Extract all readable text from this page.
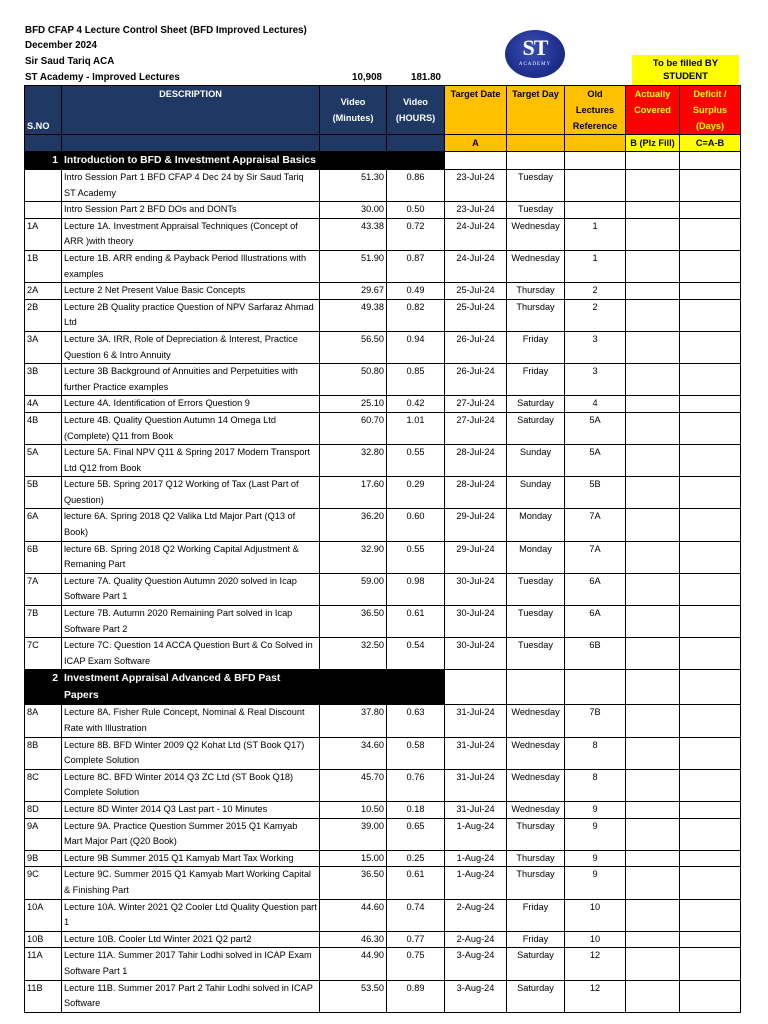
BFD CFAP 4 Lecture Control Sheet (BFD Improved Lectures)
December 2024
Sir Saud Tariq ACA
ST Academy - Improved Lectures	10,908	181.80
ST
ACADEMY	To be filled BY STUDENT
S.NO	DESCRIPTION	Video (Minutes)	Video (HOURS)	Target Date	Target Day	Old Lectures Reference	Actually Covered	Deficit / Surplus (Days)
				A			B (Plz Fill)	C=A-B
1	Introduction to BFD & Investment Appraisal Basics							
	Intro Session Part 1 BFD CFAP 4 Dec 24 by Sir Saud Tariq ST Academy	51.30	0.86	23-Jul-24	Tuesday			
	Intro Session Part 2 BFD DOs and DONTs	30.00	0.50	23-Jul-24	Tuesday			
1A	Lecture 1A. Investment Appraisal Techniques (Concept of ARR )with theory	43.38	0.72	24-Jul-24	Wednesday	1		
1B	Lecture 1B. ARR ending & Payback Period Illustrations with examples	51.90	0.87	24-Jul-24	Wednesday	1		
2A	Lecture 2 Net Present Value Basic Concepts	29.67	0.49	25-Jul-24	Thursday	2		
2B	Lecture 2B Quality practice Question of NPV Sarfaraz Ahmad Ltd	49.38	0.82	25-Jul-24	Thursday	2		
3A	Lecture 3A. IRR, Role of Depreciation & Interest, Practice Question 6 & Intro Annuity	56.50	0.94	26-Jul-24	Friday	3		
3B	Lecture 3B Background of Annuities and Perpetuities with further Practice examples	50.80	0.85	26-Jul-24	Friday	3		
4A	Lecture 4A. Identification of Errors Question 9	25.10	0.42	27-Jul-24	Saturday	4		
4B	Lecture 4B. Quality Question Autumn 14 Omega Ltd (Complete) Q11 from Book	60.70	1.01	27-Jul-24	Saturday	5A		
5A	Lecture 5A. Final NPV Q11 & Spring 2017 Modern Transport Ltd Q12 from Book	32.80	0.55	28-Jul-24	Sunday	5A		
5B	Lecture 5B. Spring 2017 Q12 Working of Tax (Last Part of Question)	17.60	0.29	28-Jul-24	Sunday	5B		
6A	lecture 6A. Spring 2018 Q2 Valika Ltd Major Part (Q13 of Book)	36.20	0.60	29-Jul-24	Monday	7A		
6B	lecture 6B. Spring 2018 Q2 Working Capital Adjustment & Remaning Part	32.90	0.55	29-Jul-24	Monday	7A		
7A	Lecture 7A. Quality Question Autumn 2020 solved in Icap Software Part 1	59.00	0.98	30-Jul-24	Tuesday	6A		
7B	Lecture 7B. Autumn 2020 Remaining Part solved in Icap Software Part 2	36.50	0.61	30-Jul-24	Tuesday	6A		
7C	Lecture 7C. Question 14 ACCA Question Burt & Co Solved in ICAP Exam Software	32.50	0.54	30-Jul-24	Tuesday	6B		
2	Investment Appraisal Advanced & BFD Past Papers							
8A	Lecture 8A. Fisher Rule Concept, Nominal & Real Discount Rate with Illustration	37.80	0.63	31-Jul-24	Wednesday	7B		
8B	Lecture 8B. BFD Winter 2009 Q2 Kohat Ltd (ST Book Q17) Complete Solution	34.60	0.58	31-Jul-24	Wednesday	8		
8C	Lecture 8C. BFD Winter 2014 Q3 ZC Ltd (ST Book Q18) Complete Solution	45.70	0.76	31-Jul-24	Wednesday	8		
8D	Lecture 8D Winter 2014 Q3 Last part - 10 Minutes	10.50	0.18	31-Jul-24	Wednesday	9		
9A	Lecture 9A. Practice Question Summer 2015 Q1 Kamyab Mart Major Part (Q20 Book)	39.00	0.65	1-Aug-24	Thursday	9		
9B	Lecture 9B Summer 2015 Q1 Kamyab Mart Tax Working	15.00	0.25	1-Aug-24	Thursday	9		
9C	Lecture 9C. Summer 2015 Q1 Kamyab Mart Working Capital & Finishing Part	36.50	0.61	1-Aug-24	Thursday	9		
10A	Lecture 10A. Winter 2021 Q2 Cooler Ltd Quality Question part 1	44.60	0.74	2-Aug-24	Friday	10		
10B	Lecture 10B. Cooler Ltd Winter 2021 Q2 part2	46.30	0.77	2-Aug-24	Friday	10		
11A	Lecture 11A. Summer 2017 Tahir Lodhi solved in ICAP Exam Software Part 1	44.90	0.75	3-Aug-24	Saturday	12		
11B	Lecture 11B. Summer 2017 Part 2 Tahir Lodhi solved in ICAP Software	53.50	0.89	3-Aug-24	Saturday	12		
